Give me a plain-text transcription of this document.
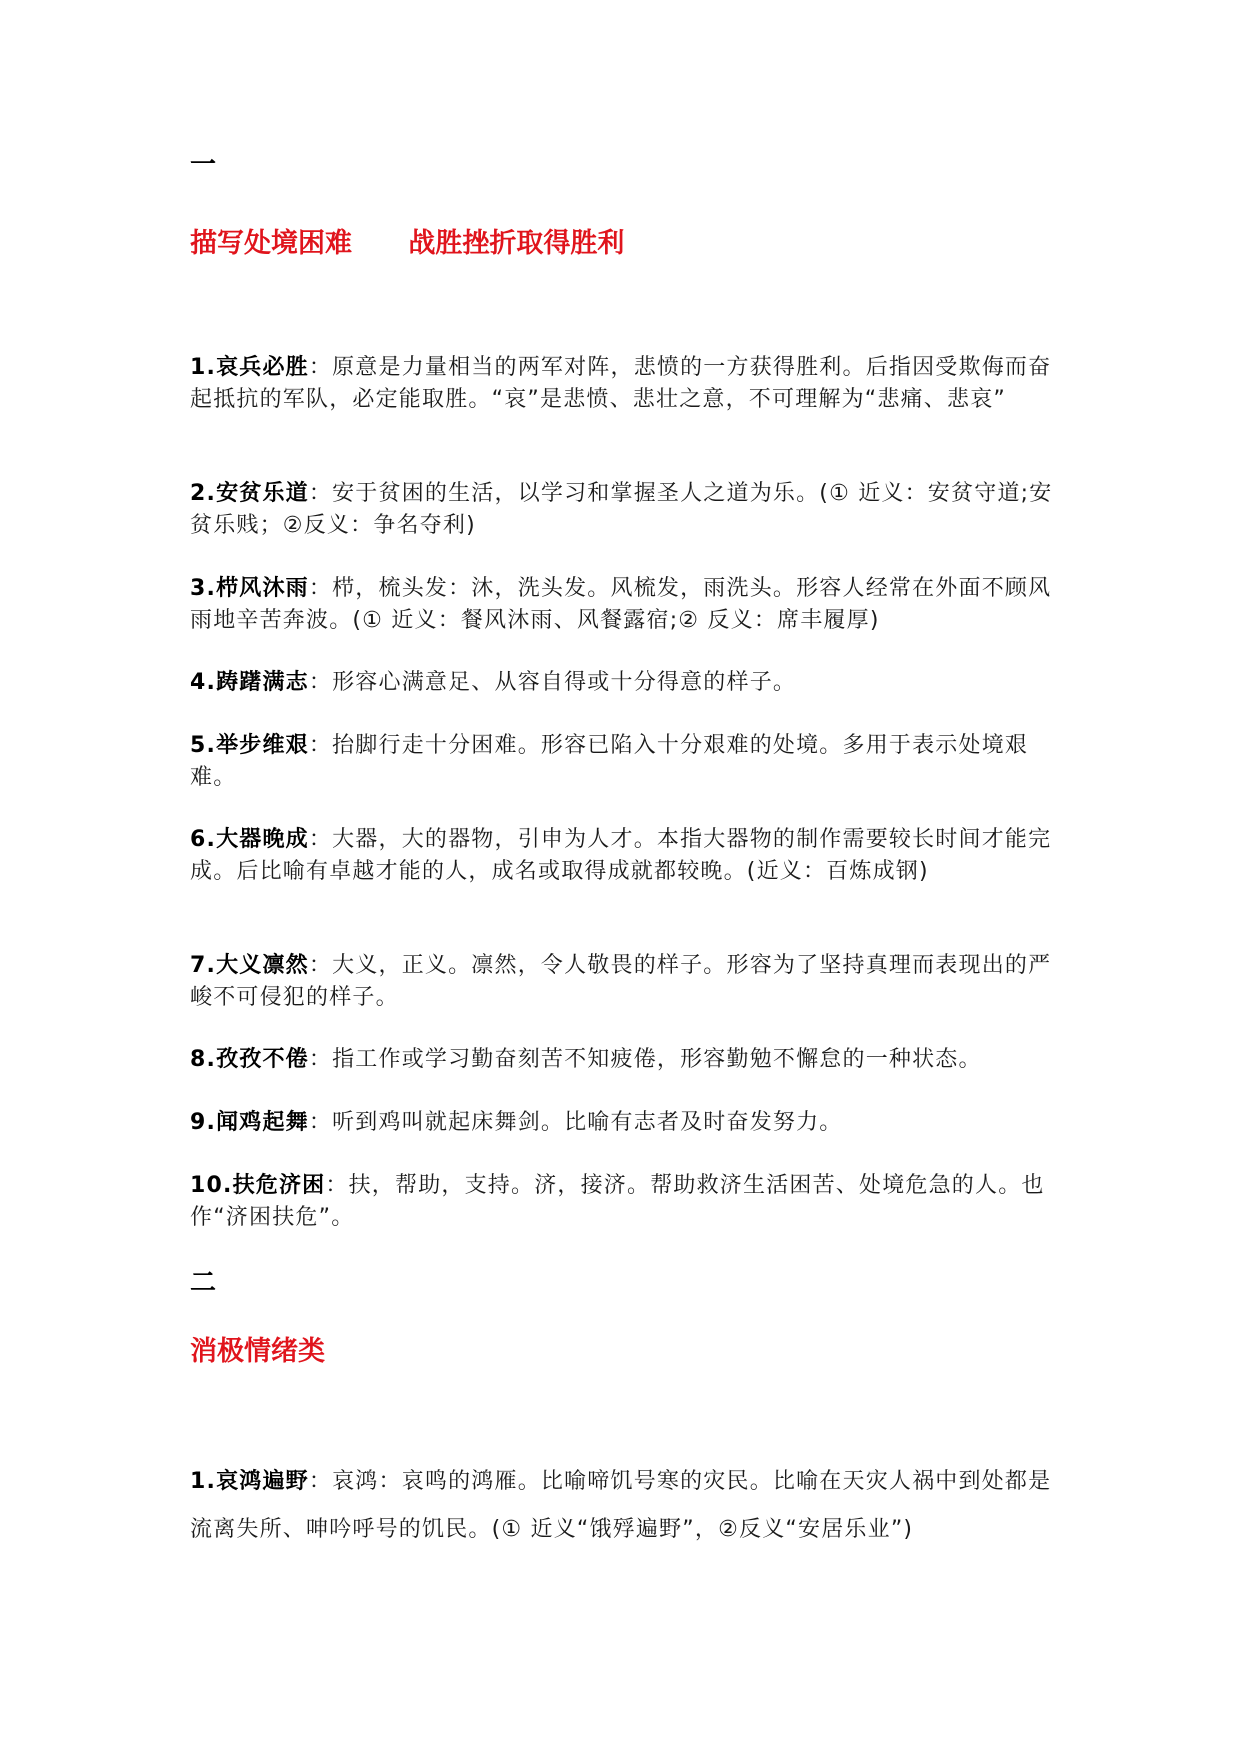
一
描写处境困难      战胜挫折取得胜利
1.哀兵必胜：原意是力量相当的两军对阵，悲愤的一方获得胜利。后指因受欺侮而奋起抵抗的军队，必定能取胜。“哀”是悲愤、悲壮之意，不可理解为“悲痛、悲哀”
2.安贫乐道：安于贫困的生活，以学习和掌握圣人之道为乐。(① 近义：安贫守道;安贫乐贱；②反义：争名夺利)
3.栉风沐雨：栉，梳头发：沐，洗头发。风梳发，雨洗头。形容人经常在外面不顾风雨地辛苦奔波。(① 近义：餐风沐雨、风餐露宿;② 反义：席丰履厚)
4.踌躇满志：形容心满意足、从容自得或十分得意的样子。
5.举步维艰：抬脚行走十分困难。形容已陷入十分艰难的处境。多用于表示处境艰难。
6.大器晚成：大器，大的器物，引申为人才。本指大器物的制作需要较长时间才能完成。后比喻有卓越才能的人，成名或取得成就都较晚。(近义：百炼成钢)
7.大义凛然：大义，正义。凛然，令人敬畏的样子。形容为了坚持真理而表现出的严峻不可侵犯的样子。
8.孜孜不倦：指工作或学习勤奋刻苦不知疲倦，形容勤勉不懈怠的一种状态。
9.闻鸡起舞：听到鸡叫就起床舞剑。比喻有志者及时奋发努力。
10.扶危济困：扶，帮助，支持。济，接济。帮助救济生活困苦、处境危急的人。也作“济困扶危”。
二
消极情绪类
1.哀鸿遍野：哀鸿：哀鸣的鸿雁。比喻啼饥号寒的灾民。比喻在天灾人祸中到处都是流离失所、呻吟呼号的饥民。(① 近义“饿殍遍野”，②反义“安居乐业”)
